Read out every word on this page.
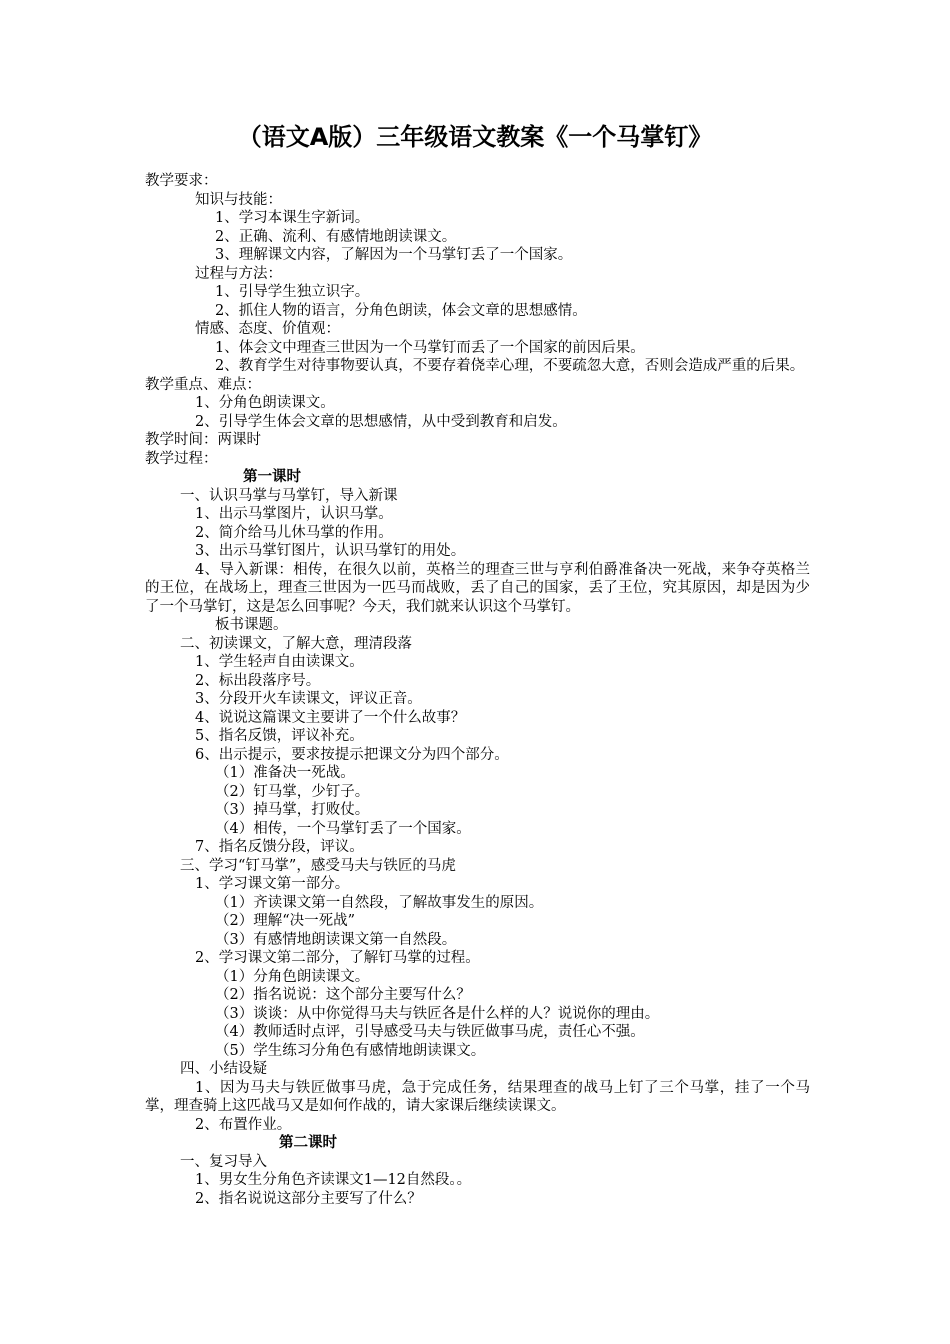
（语文A版）三年级语文教案《一个马掌钉》

教学要求：

知识与技能：

1、学习本课生字新词。

2、正确、流利、有感情地朗读课文。

3、理解课文内容，了解因为一个马掌钉丢了一个国家。

过程与方法：

1、引导学生独立识字。

2、抓住人物的语言，分角色朗读，体会文章的思想感情。

情感、态度、价值观：

1、体会文中理查三世因为一个马掌钉而丢了一个国家的前因后果。

2、教育学生对待事物要认真，不要存着侥幸心理，不要疏忽大意，否则会造成严重的后果。

教学重点、难点：

1、分角色朗读课文。

2、引导学生体会文章的思想感情，从中受到教育和启发。

教学时间：两课时

教学过程：

第一课时

一、认识马掌与马掌钉，导入新课

1、出示马掌图片，认识马掌。

2、简介给马儿休马掌的作用。

3、出示马掌钉图片，认识马掌钉的用处。

4、导入新课：相传，在很久以前，英格兰的理查三世与亨利伯爵准备决一死战，来争夺英格兰的王位，在战场上，理查三世因为一匹马而战败，丢了自己的国家，丢了王位，究其原因，却是因为少了一个马掌钉，这是怎么回事呢？今天，我们就来认识这个马掌钉。

板书课题。

二、初读课文，了解大意，理清段落

1、学生轻声自由读课文。

2、标出段落序号。

3、分段开火车读课文，评议正音。

4、说说这篇课文主要讲了一个什么故事？

5、指名反馈，评议补充。

6、出示提示，要求按提示把课文分为四个部分。

（1）准备决一死战。

（2）钉马掌，少钉子。

（3）掉马掌，打败仗。

（4）相传，一个马掌钉丢了一个国家。

7、指名反馈分段，评议。

三、学习“钉马掌”，感受马夫与铁匠的马虎

1、学习课文第一部分。

（1）齐读课文第一自然段，了解故事发生的原因。

（2）理解“决一死战”

（3）有感情地朗读课文第一自然段。

2、学习课文第二部分，了解钉马掌的过程。

（1）分角色朗读课文。

（2）指名说说：这个部分主要写什么？

（3）谈谈：从中你觉得马夫与铁匠各是什么样的人？说说你的理由。

（4）教师适时点评，引导感受马夫与铁匠做事马虎，责任心不强。

（5）学生练习分角色有感情地朗读课文。

四、小结设疑

1、因为马夫与铁匠做事马虎，急于完成任务，结果理查的战马上钉了三个马掌，挂了一个马掌，理查骑上这匹战马又是如何作战的，请大家课后继续读课文。

2、布置作业。

第二课时

一、复习导入

1、男女生分角色齐读课文1—12自然段。。

2、指名说说这部分主要写了什么？
